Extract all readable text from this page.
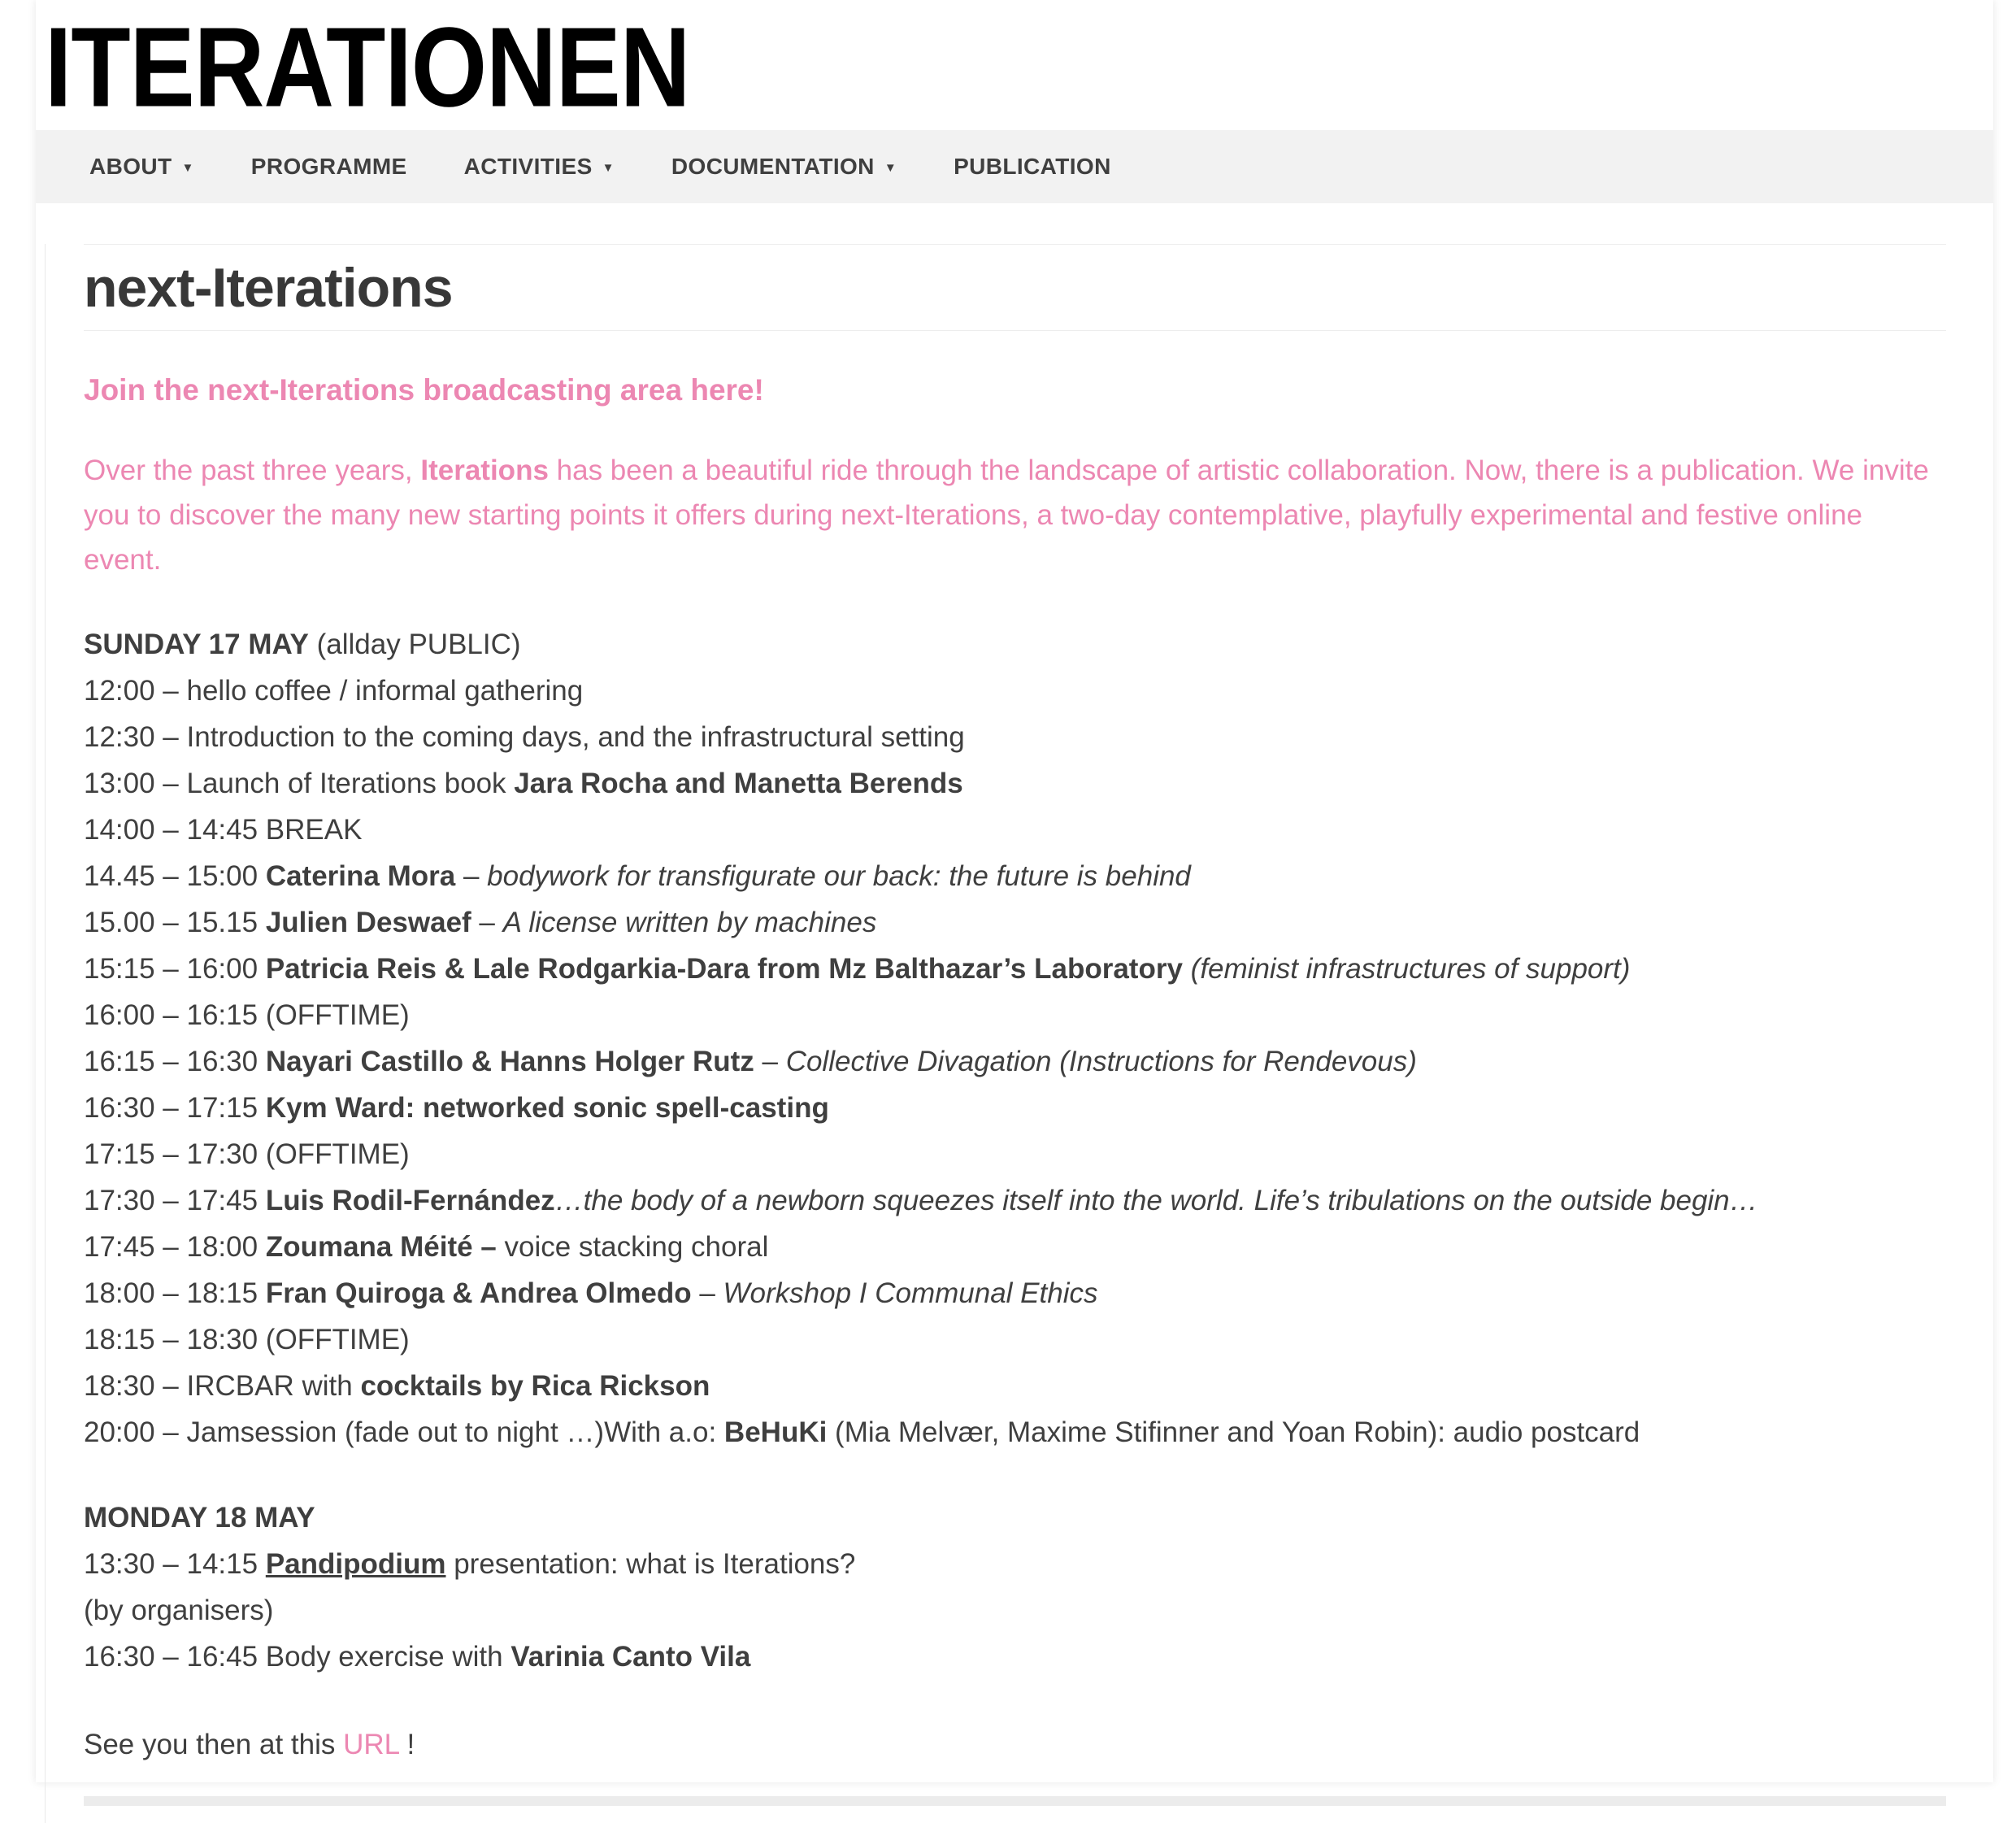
ITERATIONEN
ABOUT ▼	PROGRAMME	ACTIVITIES ▼	DOCUMENTATION ▼	PUBLICATION
next-Iterations
Join the next-Iterations broadcasting area here!

Over the past three years, Iterations has been a beautiful ride through the landscape of artistic collaboration. Now, there is a publication. We invite you to discover the many new starting points it offers during next-Iterations, a two-day contemplative, playfully experimental and festive online event.

SUNDAY 17 MAY (allday PUBLIC)
12:00 – hello coffee / informal gathering
12:30 – Introduction to the coming days, and the infrastructural setting
13:00 – Launch of Iterations book Jara Rocha and Manetta Berends
14:00 – 14:45 BREAK
14.45 – 15:00 Caterina Mora – bodywork for transfigurate our back: the future is behind
15.00 – 15.15 Julien Deswaef – A license written by machines
15:15 – 16:00 Patricia Reis & Lale Rodgarkia-Dara from Mz Balthazar’s Laboratory (feminist infrastructures of support)
16:00 – 16:15 (OFFTIME)
16:15 – 16:30 Nayari Castillo & Hanns Holger Rutz – Collective Divagation (Instructions for Rendevous)
16:30 – 17:15 Kym Ward: networked sonic spell-casting
17:15 – 17:30 (OFFTIME)
17:30 – 17:45 Luis Rodil-Fernández…the body of a newborn squeezes itself into the world. Life’s tribulations on the outside begin…
17:45 – 18:00 Zoumana Méité – voice stacking choral
18:00 – 18:15 Fran Quiroga & Andrea Olmedo – Workshop I Communal Ethics
18:15 – 18:30 (OFFTIME)
18:30 – IRCBAR with cocktails by Rica Rickson
20:00 – Jamsession (fade out to night …)With a.o: BeHuKi (Mia Melvær, Maxime Stifinner and Yoan Robin): audio postcard

MONDAY 18 MAY
13:30 – 14:15 Pandipodium presentation: what is Iterations?
(by organisers)
16:30 – 16:45 Body exercise with Varinia Canto Vila

See you then at this URL !
